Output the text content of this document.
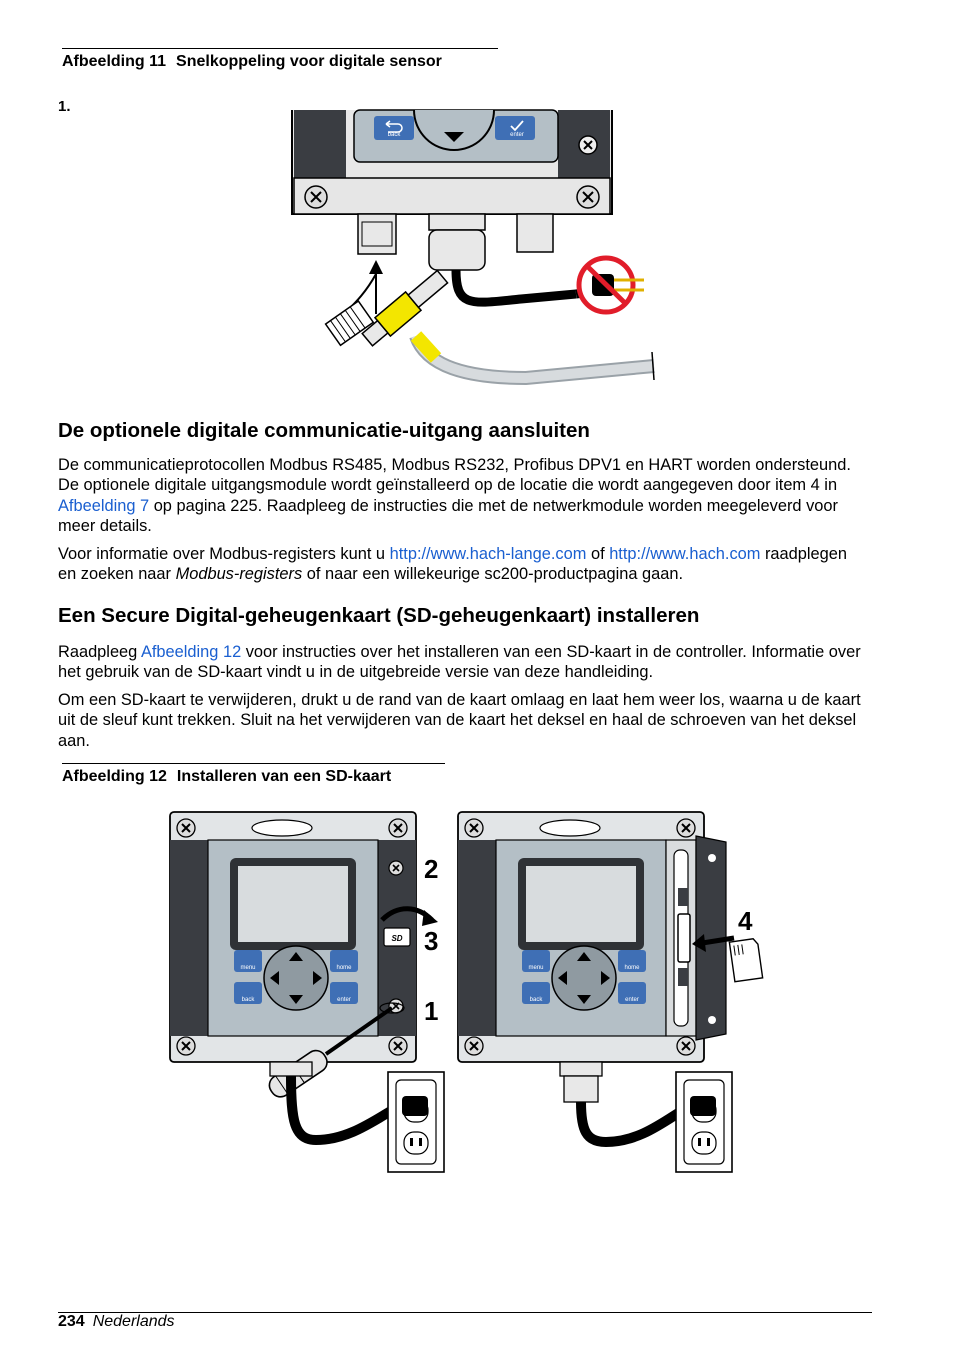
Afbeelding 11 Snelkoppeling voor digitale sensor
1.
back	enter
De optionele digitale communicatie-uitgang aansluiten

De communicatieprotocollen Modbus RS485, Modbus RS232, Profibus DPV1 en HART worden ondersteund. De optionele digitale uitgangsmodule wordt geïnstalleerd op de locatie die wordt aangegeven door item 4 in Afbeelding 7 op pagina 225. Raadpleeg de instructies die met de netwerkmodule worden meegeleverd voor meer details.

Voor informatie over Modbus-registers kunt u http://www.hach-lange.com of http://www.hach.com raadplegen en zoeken naar Modbus-registers of naar een willekeurige sc200-productpagina gaan.

Een Secure Digital-geheugenkaart (SD-geheugenkaart) installeren

Raadpleeg Afbeelding 12 voor instructies over het installeren van een SD-kaart in de controller. Informatie over het gebruik van de SD-kaart vindt u in de uitgebreide versie van deze handleiding.

Om een SD-kaart te verwijderen, drukt u de rand van de kaart omlaag en laat hem weer los, waarna u de kaart uit de sleuf kunt trekken. Sluit na het verwijderen van de kaart het deksel en haal de schroeven van het deksel aan.

Afbeelding 12 Installeren van een SD-kaart
menu	home
back	enter
SD
2
3
1
menu	home
back	enter
4
234 Nederlands
